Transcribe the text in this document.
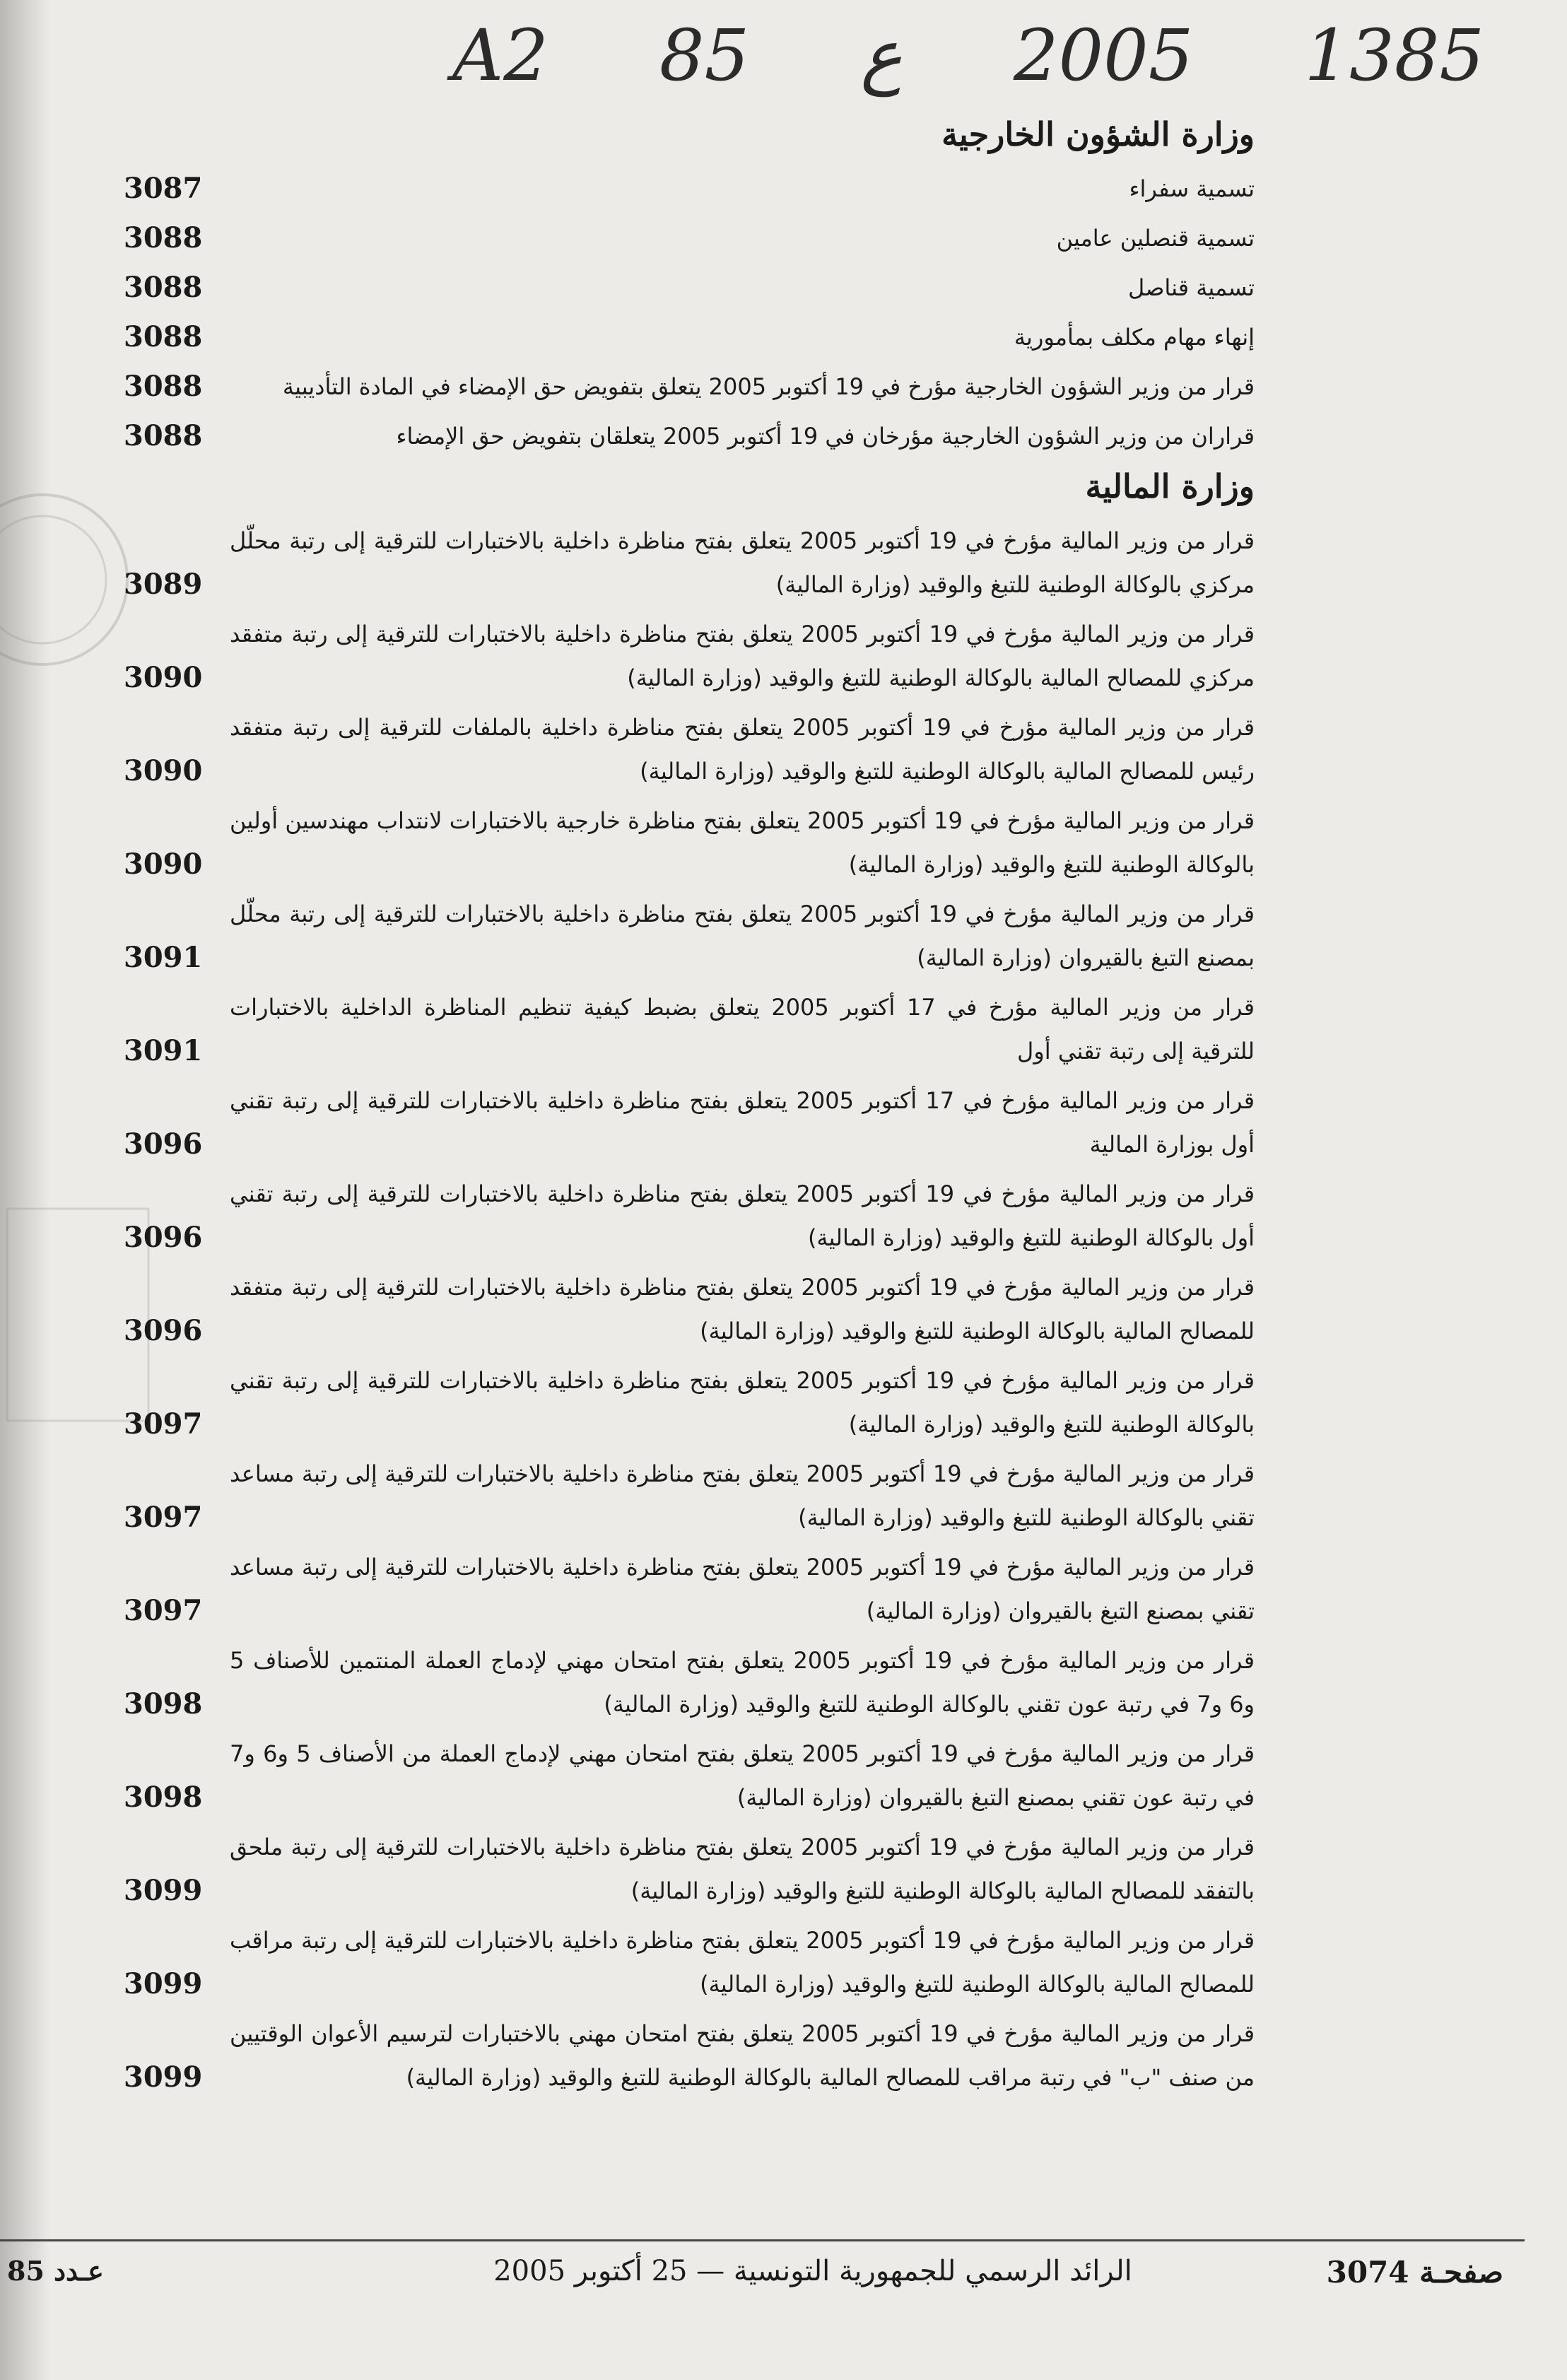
A2 85 ع 2005 1385
وزارة الشؤون الخارجية
تسمية سفراء
3087
تسمية قنصلين عامين
3088
تسمية قناصل
3088
إنهاء مهام مكلف بمأمورية
3088
قرار من وزير الشؤون الخارجية مؤرخ في 19 أكتوبر 2005 يتعلق بتفويض حق الإمضاء في المادة التأديبية
3088
قراران من وزير الشؤون الخارجية مؤرخان في 19 أكتوبر 2005 يتعلقان بتفويض حق الإمضاء
3088
وزارة المالية
قرار من وزير المالية مؤرخ في 19 أكتوبر 2005 يتعلق بفتح مناظرة داخلية بالاختبارات للترقية إلى رتبة محلّل مركزي بالوكالة الوطنية للتبغ والوقيد (وزارة المالية)
3089
قرار من وزير المالية مؤرخ في 19 أكتوبر 2005 يتعلق بفتح مناظرة داخلية بالاختبارات للترقية إلى رتبة متفقد مركزي للمصالح المالية بالوكالة الوطنية للتبغ والوقيد (وزارة المالية)
3090
قرار من وزير المالية مؤرخ في 19 أكتوبر 2005 يتعلق بفتح مناظرة داخلية بالملفات للترقية إلى رتبة متفقد رئيس للمصالح المالية بالوكالة الوطنية للتبغ والوقيد (وزارة المالية)
3090
قرار من وزير المالية مؤرخ في 19 أكتوبر 2005 يتعلق بفتح مناظرة خارجية بالاختبارات لانتداب مهندسين أولين بالوكالة الوطنية للتبغ والوقيد (وزارة المالية)
3090
قرار من وزير المالية مؤرخ في 19 أكتوبر 2005 يتعلق بفتح مناظرة داخلية بالاختبارات للترقية إلى رتبة محلّل بمصنع التبغ بالقيروان (وزارة المالية)
3091
قرار من وزير المالية مؤرخ في 17 أكتوبر 2005 يتعلق بضبط كيفية تنظيم المناظرة الداخلية بالاختبارات للترقية إلى رتبة تقني أول
3091
قرار من وزير المالية مؤرخ في 17 أكتوبر 2005 يتعلق بفتح مناظرة داخلية بالاختبارات للترقية إلى رتبة تقني أول بوزارة المالية
3096
قرار من وزير المالية مؤرخ في 19 أكتوبر 2005 يتعلق بفتح مناظرة داخلية بالاختبارات للترقية إلى رتبة تقني أول بالوكالة الوطنية للتبغ والوقيد (وزارة المالية)
3096
قرار من وزير المالية مؤرخ في 19 أكتوبر 2005 يتعلق بفتح مناظرة داخلية بالاختبارات للترقية إلى رتبة متفقد للمصالح المالية بالوكالة الوطنية للتبغ والوقيد (وزارة المالية)
3096
قرار من وزير المالية مؤرخ في 19 أكتوبر 2005 يتعلق بفتح مناظرة داخلية بالاختبارات للترقية إلى رتبة تقني بالوكالة الوطنية للتبغ والوقيد (وزارة المالية)
3097
قرار من وزير المالية مؤرخ في 19 أكتوبر 2005 يتعلق بفتح مناظرة داخلية بالاختبارات للترقية إلى رتبة مساعد تقني بالوكالة الوطنية للتبغ والوقيد (وزارة المالية)
3097
قرار من وزير المالية مؤرخ في 19 أكتوبر 2005 يتعلق بفتح مناظرة داخلية بالاختبارات للترقية إلى رتبة مساعد تقني بمصنع التبغ بالقيروان (وزارة المالية)
3097
قرار من وزير المالية مؤرخ في 19 أكتوبر 2005 يتعلق بفتح امتحان مهني لإدماج العملة المنتمين للأصناف 5 و6 و7 في رتبة عون تقني بالوكالة الوطنية للتبغ والوقيد (وزارة المالية)
3098
قرار من وزير المالية مؤرخ في 19 أكتوبر 2005 يتعلق بفتح امتحان مهني لإدماج العملة من الأصناف 5 و6 و7 في رتبة عون تقني بمصنع التبغ بالقيروان (وزارة المالية)
3098
قرار من وزير المالية مؤرخ في 19 أكتوبر 2005 يتعلق بفتح مناظرة داخلية بالاختبارات للترقية إلى رتبة ملحق بالتفقد للمصالح المالية بالوكالة الوطنية للتبغ والوقيد (وزارة المالية)
3099
قرار من وزير المالية مؤرخ في 19 أكتوبر 2005 يتعلق بفتح مناظرة داخلية بالاختبارات للترقية إلى رتبة مراقب للمصالح المالية بالوكالة الوطنية للتبغ والوقيد (وزارة المالية)
3099
قرار من وزير المالية مؤرخ في 19 أكتوبر 2005 يتعلق بفتح امتحان مهني بالاختبارات لترسيم الأعوان الوقتيين من صنف "ب" في رتبة مراقب للمصالح المالية بالوكالة الوطنية للتبغ والوقيد (وزارة المالية)
3099
صفحـة 3074
الرائد الرسمي للجمهورية التونسية — 25 أكتوبر 2005
عـدد 85
